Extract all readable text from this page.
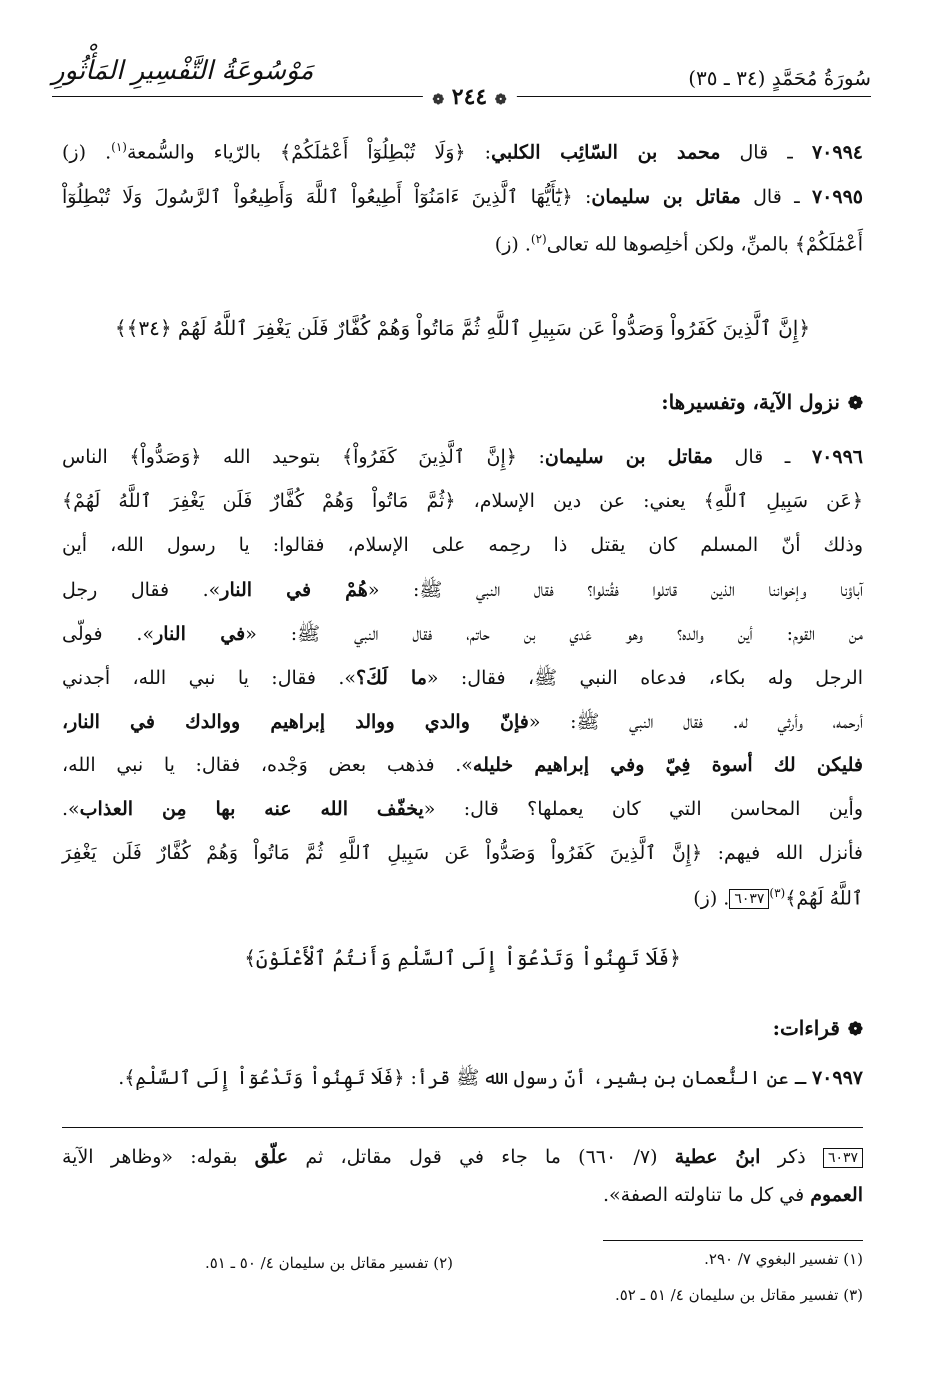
سُورَةُ مُحَمَّدٍ (٣٤ ـ ٣٥)
مَوْسُوعَةُ التَّفْسِيرِ المَأْثُورِ
❁ ٢٤٤ ❁
٧٠٩٩٤ ـ قال محمد بن السّائِب الكلبي: ﴿وَلَا تُبْطِلُوٓاْ أَعْمَٰلَكُمْ﴾ بالرّياء والسُّمعة$^{(١)}$. (ز)
٧٠٩٩٥ ـ قال مقاتل بن سليمان: ﴿يَٰٓأَيُّهَا ٱلَّذِينَ ءَامَنُوٓاْ أَطِيعُواْ ٱللَّهَ وَأَطِيعُواْ ٱلرَّسُولَ وَلَا تُبْطِلُوٓاْ
أَعْمَٰلَكُمْ﴾ بالمنِّ، ولكن أخلِصوها لله تعالى$^{(٢)}$. (ز)
﴿إِنَّ ٱلَّذِينَ كَفَرُواْ وَصَدُّواْ عَن سَبِيلِ ٱللَّهِ ثُمَّ مَاتُواْ وَهُمْ كُفَّارٌ فَلَن يَغْفِرَ ٱللَّهُ لَهُمْ ﴿٣٤﴾﴾
❁نزول الآية، وتفسيرها:
٧٠٩٩٦ ـ قال مقاتل بن سليمان: ﴿إِنَّ ٱلَّذِينَ كَفَرُواْ﴾ بتوحيد الله ﴿وَصَدُّواْ﴾ الناس
﴿عَن سَبِيلِ ٱللَّهِ﴾ يعني: عن دين الإسلام، ﴿ثُمَّ مَاتُواْ وَهُمْ كُفَّارٌ فَلَن يَغْفِرَ ٱللَّهُ لَهُمْ﴾
وذلك أنّ المسلم كان يقتل ذا رحِمه على الإسلام، فقالوا: يا رسول الله، أين
آباؤنا وإخواننا الذين قاتلوا فقُتلوا؟ فقال النبي ﷺ: «هُمْ في النار». فقال رجل
من القوم: أين والده؟ وهو عَدي بن حاتم، فقال النبي ﷺ: «في النار». فولّى
الرجل وله بكاء، فدعاه النبي ﷺ، فقال: «ما لَكَ؟». فقال: يا نبي الله، أجدني
أرحمه، وأرثي له. فقال النبي ﷺ: «فإنّ والدي ووالد إبراهيم ووالدك في النار،
فليكن لك أسوة فِيّ وفي إبراهيم خليله». فذهب بعض وَجْده، فقال: يا نبي الله،
وأين المحاسن التي كان يعملها؟ قال: «يخفّف الله عنه بها مِن العذاب».
فأنزل الله فيهم: ﴿إِنَّ ٱلَّذِينَ كَفَرُواْ وَصَدُّواْ عَن سَبِيلِ ٱللَّهِ ثُمَّ مَاتُواْ وَهُمْ كُفَّارٌ فَلَن يَغْفِرَ
ٱللَّهُ لَهُمْ﴾$^{(٣)}$٦٠٣٧. (ز)
﴿فَلَا تَهِنُواْ وَتَدْعُوٓاْ إِلَى ٱلسَّلْمِ وَأَنتُمُ ٱلْأَعْلَوْنَ﴾
❁قراءات:
٧٠٩٩٧ ـ عن النُّعمان بن بشير، أنّ رسول الله ﷺ قرأ: ﴿فَلَا تَهِنُواْ وَتَدْعُوٓاْ إِلَى ٱلسَّلْمِ﴾.
٦٠٣٧ ذكر ابنُ عطية (٧/ ٦٦٠) ما جاء في قول مقاتل، ثم علّق بقوله: «وظاهر الآية
العموم في كل ما تناولته الصفة».
(١) تفسير البغوي ٧/ ٢٩٠.
(٢) تفسير مقاتل بن سليمان ٤/ ٥٠ ـ ٥١.
(٣) تفسير مقاتل بن سليمان ٤/ ٥١ ـ ٥٢.
